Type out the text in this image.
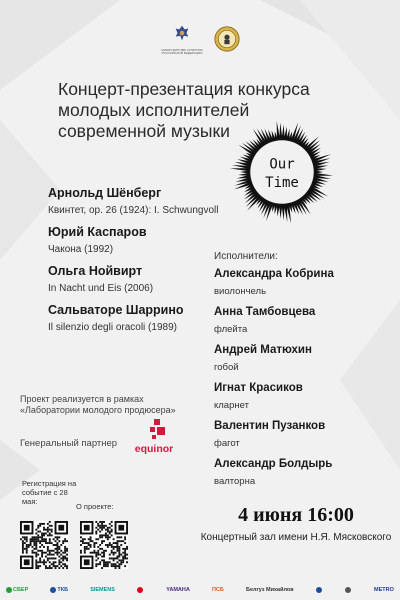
МИНИСТЕРСТВО КУЛЬТУРЫ РОССИЙСКОЙ ФЕДЕРАЦИИ
Концерт-презентация конкурса
молодых исполнителей
современной музыки
Our
Time
Арнольд Шёнберг
Квинтет, ор. 26 (1924): I. Schwungvoll
Юрий Каспаров
Чакона (1992)
Ольга Нойвирт
In Nacht und Eis (2006)
Сальваторе Шаррино
Il silenzio degli oracoli (1989)
Исполнители:
Александра Кобрина
виолончель
Анна Тамбовцева
флейта
Андрей Матюхин
гобой
Игнат Красиков
кларнет
Валентин Пузанков
фагот
Александр Болдырь
валторна
Проект реализуется в рамках «Лаборатории молодого продюсера»
Генеральный партнер	equinor
Регистрация на событие с 28 мая:
О проекте:	4 июня 16:00
Концертный зал имени Н.Я. Мясковского
СБЕР	ТКБ	SIEMENS	YAMAHA	ПСБ	Белгуз Михайлов	METRO
